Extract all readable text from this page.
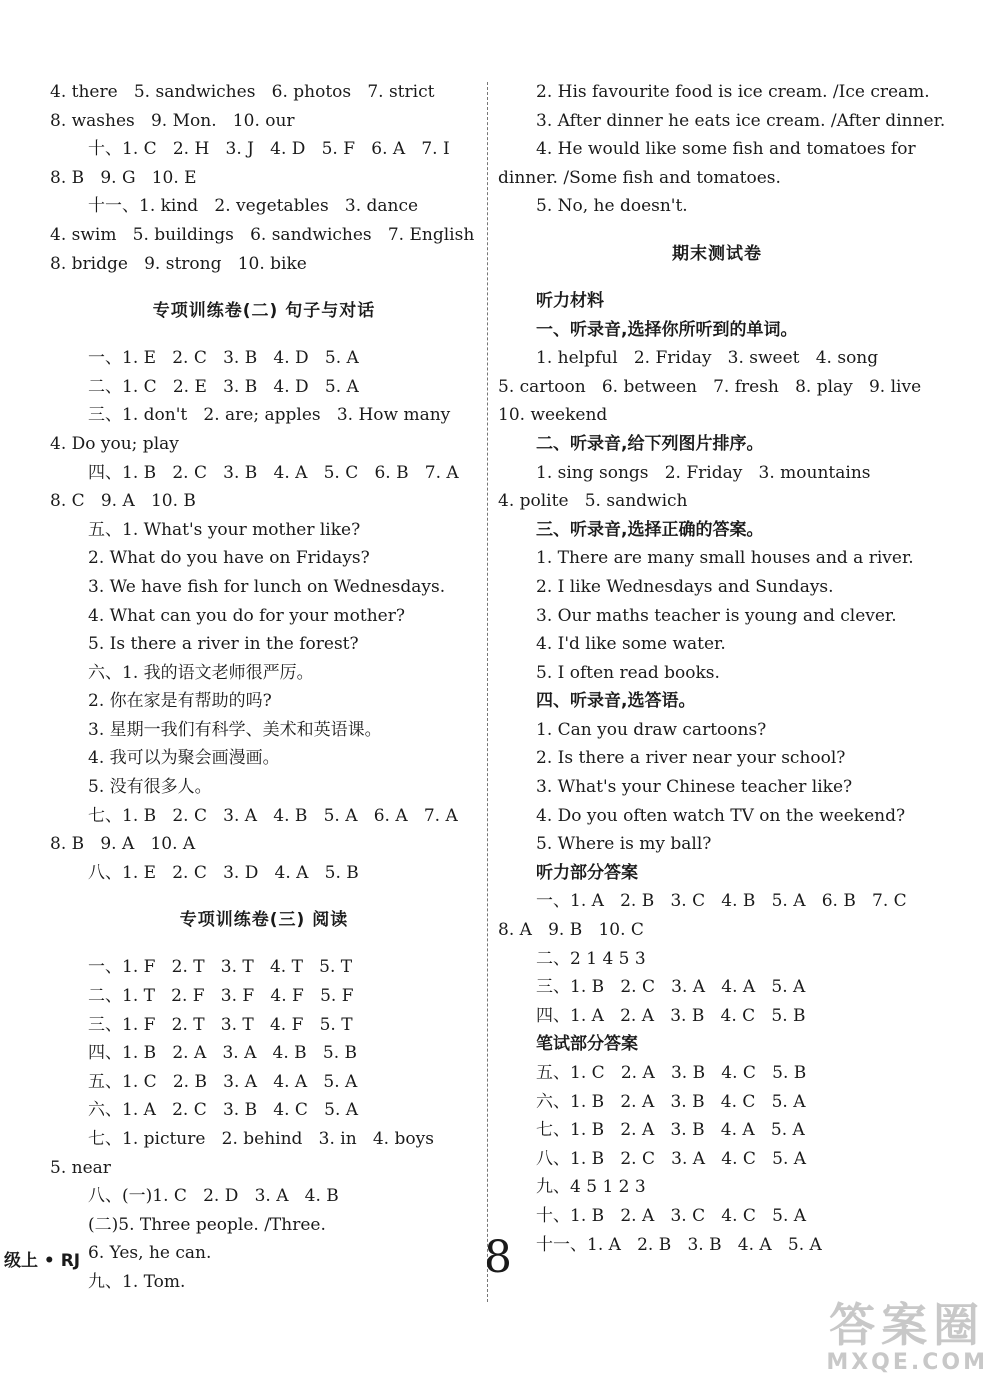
4. there   5. sandwiches   6. photos   7. strict
8. washes   9. Mon.   10. our
十、1. C   2. H   3. J   4. D   5. F   6. A   7. I
8. B   9. G   10. E
十一、1. kind   2. vegetables   3. dance
4. swim   5. buildings   6. sandwiches   7. English
8. bridge   9. strong   10. bike
专项训练卷(二) 句子与对话
一、1. E   2. C   3. B   4. D   5. A
二、1. C   2. E   3. B   4. D   5. A
三、1. don't   2. are; apples   3. How many
4. Do you; play
四、1. B   2. C   3. B   4. A   5. C   6. B   7. A
8. C   9. A   10. B
五、1. What's your mother like?
2. What do you have on Fridays?
3. We have fish for lunch on Wednesdays.
4. What can you do for your mother?
5. Is there a river in the forest?
六、1. 我的语文老师很严厉。
2. 你在家是有帮助的吗?
3. 星期一我们有科学、美术和英语课。
4. 我可以为聚会画漫画。
5. 没有很多人。
七、1. B   2. C   3. A   4. B   5. A   6. A   7. A
8. B   9. A   10. A
八、1. E   2. C   3. D   4. A   5. B
专项训练卷(三) 阅读
一、1. F   2. T   3. T   4. T   5. T
二、1. T   2. F   3. F   4. F   5. F
三、1. F   2. T   3. T   4. F   5. T
四、1. B   2. A   3. A   4. B   5. B
五、1. C   2. B   3. A   4. A   5. A
六、1. A   2. C   3. B   4. C   5. A
七、1. picture   2. behind   3. in   4. boys
5. near
八、(一)1. C   2. D   3. A   4. B
(二)5. Three people. /Three.
6. Yes, he can.
九、1. Tom.
2. His favourite food is ice cream. /Ice cream.
3. After dinner he eats ice cream. /After dinner.
4. He would like some fish and tomatoes for
dinner. /Some fish and tomatoes.
5. No, he doesn't.
期末测试卷
听力材料
一、听录音,选择你所听到的单词。
1. helpful   2. Friday   3. sweet   4. song
5. cartoon   6. between   7. fresh   8. play   9. live
10. weekend
二、听录音,给下列图片排序。
1. sing songs   2. Friday   3. mountains
4. polite   5. sandwich
三、听录音,选择正确的答案。
1. There are many small houses and a river.
2. I like Wednesdays and Sundays.
3. Our maths teacher is young and clever.
4. I'd like some water.
5. I often read books.
四、听录音,选答语。
1. Can you draw cartoons?
2. Is there a river near your school?
3. What's your Chinese teacher like?
4. Do you often watch TV on the weekend?
5. Where is my ball?
听力部分答案
一、1. A   2. B   3. C   4. B   5. A   6. B   7. C
8. A   9. B   10. C
二、2 1 4 5 3
三、1. B   2. C   3. A   4. A   5. A
四、1. A   2. A   3. B   4. C   5. B
笔试部分答案
五、1. C   2. A   3. B   4. C   5. B
六、1. B   2. A   3. B   4. C   5. A
七、1. B   2. A   3. B   4. A   5. A
八、1. B   2. C   3. A   4. C   5. A
九、4 5 1 2 3
十、1. B   2. A   3. C   4. C   5. A
十一、1. A   2. B   3. B   4. A   5. A
级上 • RJ	8
答案圈
MXQE.COM
